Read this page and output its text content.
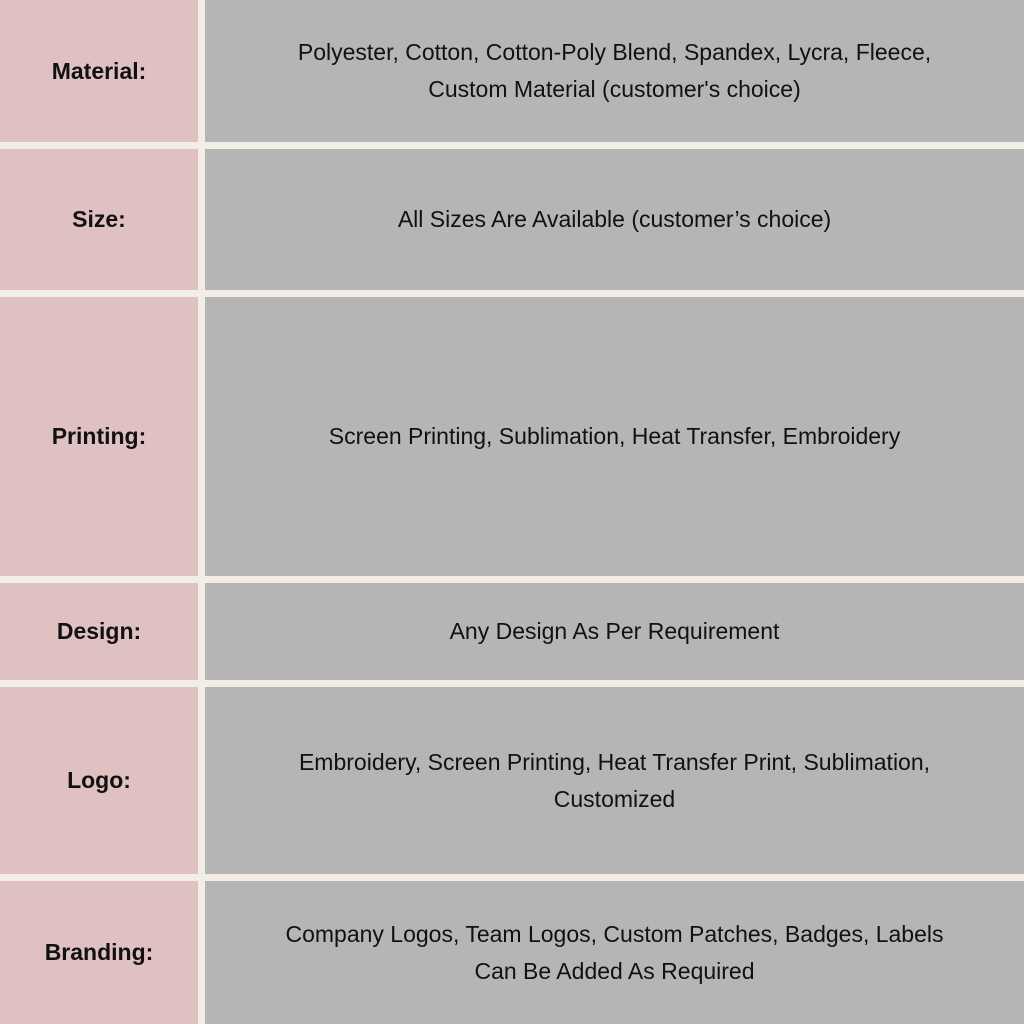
Material:
Polyester, Cotton, Cotton-Poly Blend, Spandex, Lycra, Fleece,
Custom Material (customer's choice)
Size:	All Sizes Are Available (customer’s choice)
Printing:	Screen Printing, Sublimation, Heat Transfer, Embroidery
Design:	Any Design As Per Requirement
Logo:
Embroidery, Screen Printing, Heat Transfer Print, Sublimation,
Customized
Branding:
Company Logos, Team Logos, Custom Patches, Badges, Labels
Can Be Added As Required
